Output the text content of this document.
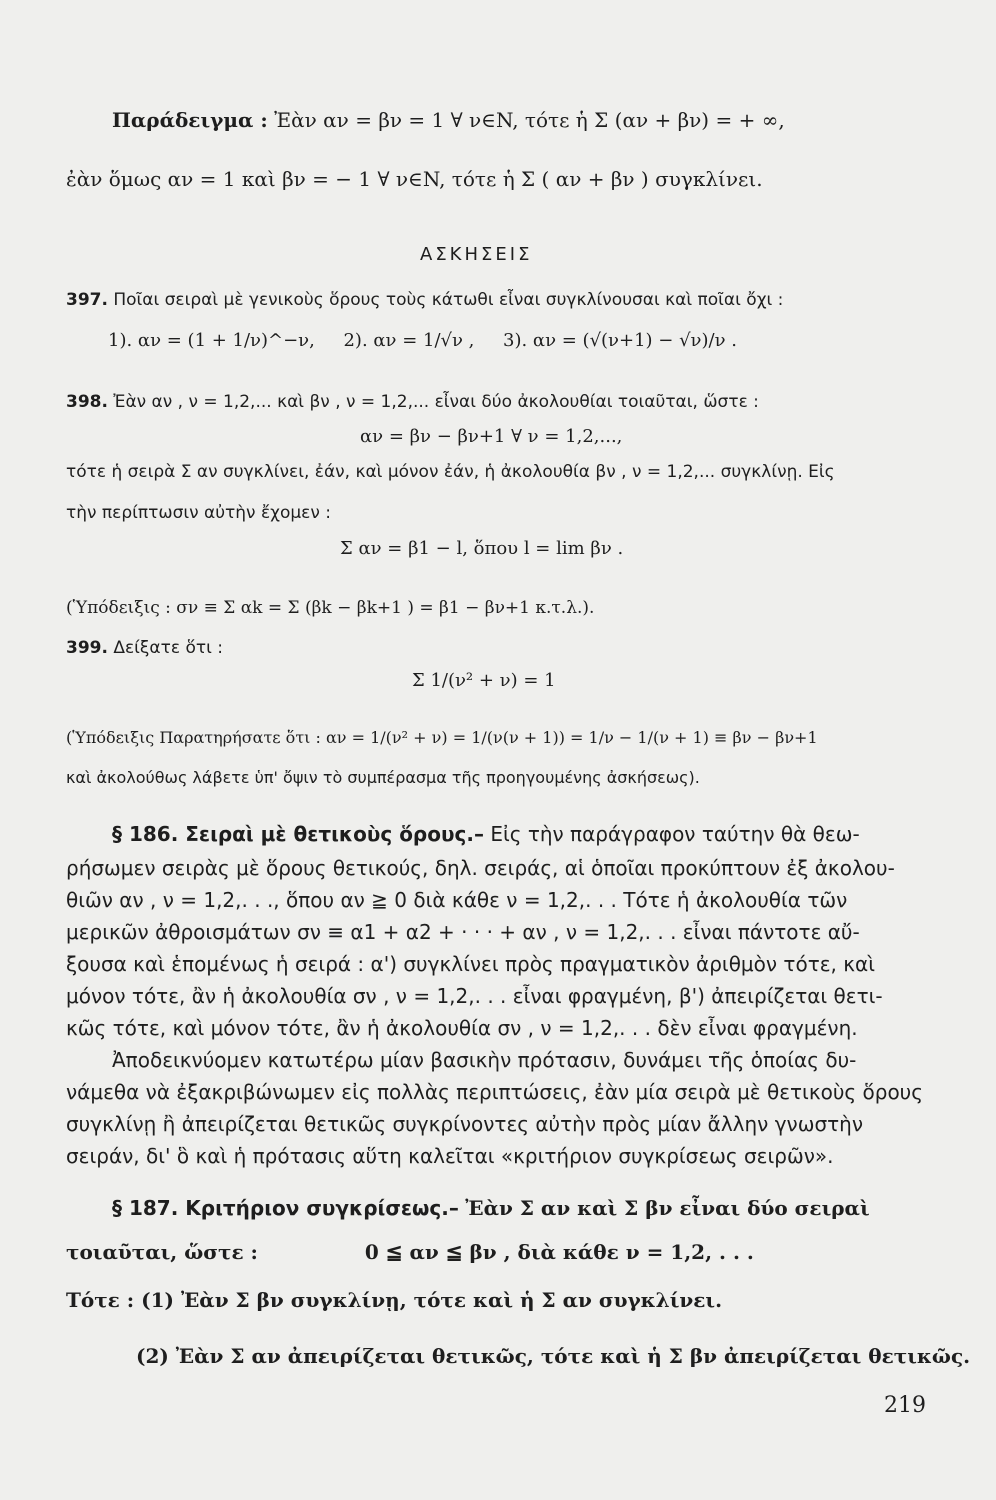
Παράδειγμα : Ἐὰν αν = βν = 1 ∀ ν∈N, τότε ἡ Σ (αν + βν) = + ∞,
ἐὰν ὅμως αν = 1 καὶ βν = − 1 ∀ ν∈N, τότε ἡ Σ ( αν + βν ) συγκλίνει.
ΑΣΚΗΣΕΙΣ
397. Ποῖαι σειραὶ μὲ γενικοὺς ὅρους τοὺς κάτωθι εἶναι συγκλίνουσαι καὶ ποῖαι ὄχι :
1). αν = (1 + 1/ν)^−ν, 2). αν = 1/√ν , 3). αν = (√(ν+1) − √ν)/ν .
398. Ἐὰν αν , ν = 1,2,... καὶ βν , ν = 1,2,... εἶναι δύο ἀκολουθίαι τοιαῦται, ὥστε :
αν = βν − βν+1 ∀ ν = 1,2,...,
τότε ἡ σειρὰ Σ αν συγκλίνει, ἐάν, καὶ μόνον ἐάν, ἡ ἀκολουθία βν , ν = 1,2,... συγκλίνῃ. Εἰς
τὴν περίπτωσιν αὐτὴν ἔχομεν :
Σ αν = β1 − l, ὅπου l = lim βν .
(Ὑπόδειξις : σν ≡ Σ αk = Σ (βk − βk+1 ) = β1 − βν+1 κ.τ.λ.).
399. Δείξατε ὅτι :
Σ 1/(ν² + ν) = 1
(Ὑπόδειξις Παρατηρήσατε ὅτι : αν = 1/(ν² + ν) = 1/(ν(ν + 1)) = 1/ν − 1/(ν + 1) ≡ βν − βν+1
καὶ ἀκολούθως λάβετε ὑπ' ὄψιν τὸ συμπέρασμα τῆς προηγουμένης ἀσκήσεως).
§ 186. Σειραὶ μὲ θετικοὺς ὅρους.– Εἰς τὴν παράγραφον ταύτην θὰ θεω-
ρήσωμεν σειρὰς μὲ ὅρους θετικούς, δηλ. σειράς, αἱ ὁποῖαι προκύπτουν ἐξ ἀκολου-
θιῶν αν , ν = 1,2,. . ., ὅπου αν ≧ 0 διὰ κάθε ν = 1,2,. . . Τότε ἡ ἀκολουθία τῶν
μερικῶν ἀθροισμάτων σν ≡ α1 + α2 + · · · + αν , ν = 1,2,. . . εἶναι πάντοτε αὔ-
ξουσα καὶ ἑπομένως ἡ σειρά : α') συγκλίνει πρὸς πραγματικὸν ἀριθμὸν τότε, καὶ
μόνον τότε, ἂν ἡ ἀκολουθία σν , ν = 1,2,. . . εἶναι φραγμένη, β') ἀπειρίζεται θετι-
κῶς τότε, καὶ μόνον τότε, ἂν ἡ ἀκολουθία σν , ν = 1,2,. . . δὲν εἶναι φραγμένη.
Ἀποδεικνύομεν κατωτέρω μίαν βασικὴν πρότασιν, δυνάμει τῆς ὁποίας δυ-
νάμεθα νὰ ἐξακριβώνωμεν εἰς πολλὰς περιπτώσεις, ἐὰν μία σειρὰ μὲ θετικοὺς ὅρους
συγκλίνῃ ἢ ἀπειρίζεται θετικῶς συγκρίνοντες αὐτὴν πρὸς μίαν ἄλλην γνωστὴν
σειράν, δι' ὃ καὶ ἡ πρότασις αὕτη καλεῖται «κριτήριον συγκρίσεως σειρῶν».
§ 187. Κριτήριον συγκρίσεως.– Ἐὰν Σ αν καὶ Σ βν εἶναι δύο σειραὶ
τοιαῦται, ὥστε :	0 ≦ αν ≦ βν , διὰ κάθε ν = 1,2, . . .
Τότε : (1) Ἐὰν Σ βν συγκλίνῃ, τότε καὶ ἡ Σ αν συγκλίνει.
(2) Ἐὰν Σ αν ἀπειρίζεται θετικῶς, τότε καὶ ἡ Σ βν ἀπειρίζεται θετικῶς.
219
